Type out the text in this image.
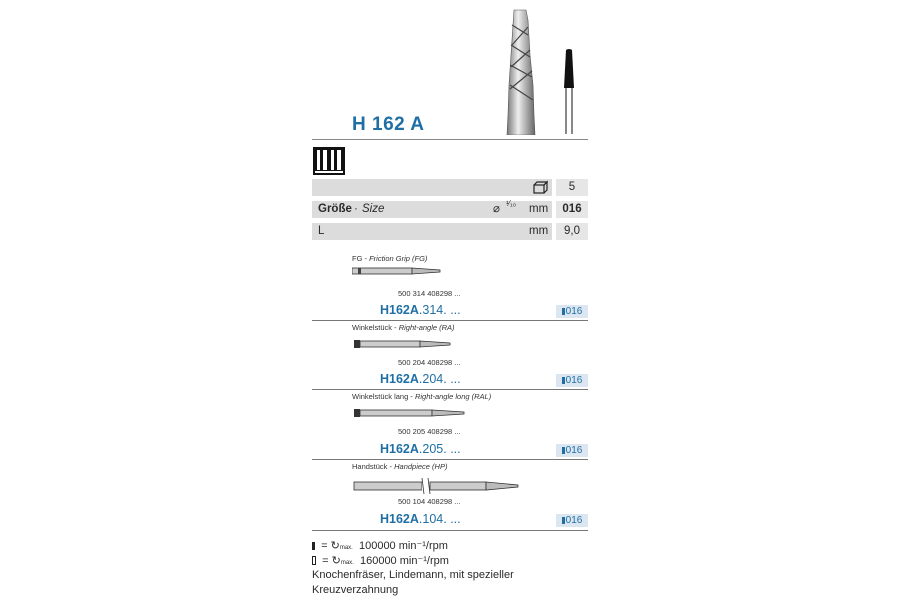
H 162 A
5
Größe · Size	⌀ ¹⁄₁₀ mm	016
L	mm	9,0
FG - Friction Grip (FG)
500 314 408298 ...
H162A.314. ...	016
Winkelstück - Right-angle (RA)
500 204 408298 ...
H162A.204. ...	016
Winkelstück lang - Right-angle long (RAL)
500 205 408298 ...
H162A.205. ...	016
Handstück - Handpiece (HP)
500 104 408298 ...
H162A.104. ...	016
= ↻max. 100000 min⁻¹/rpm
= ↻max. 160000 min⁻¹/rpm
Knochenfräser, Lindemann, mit spezieller
Kreuzverzahnung
